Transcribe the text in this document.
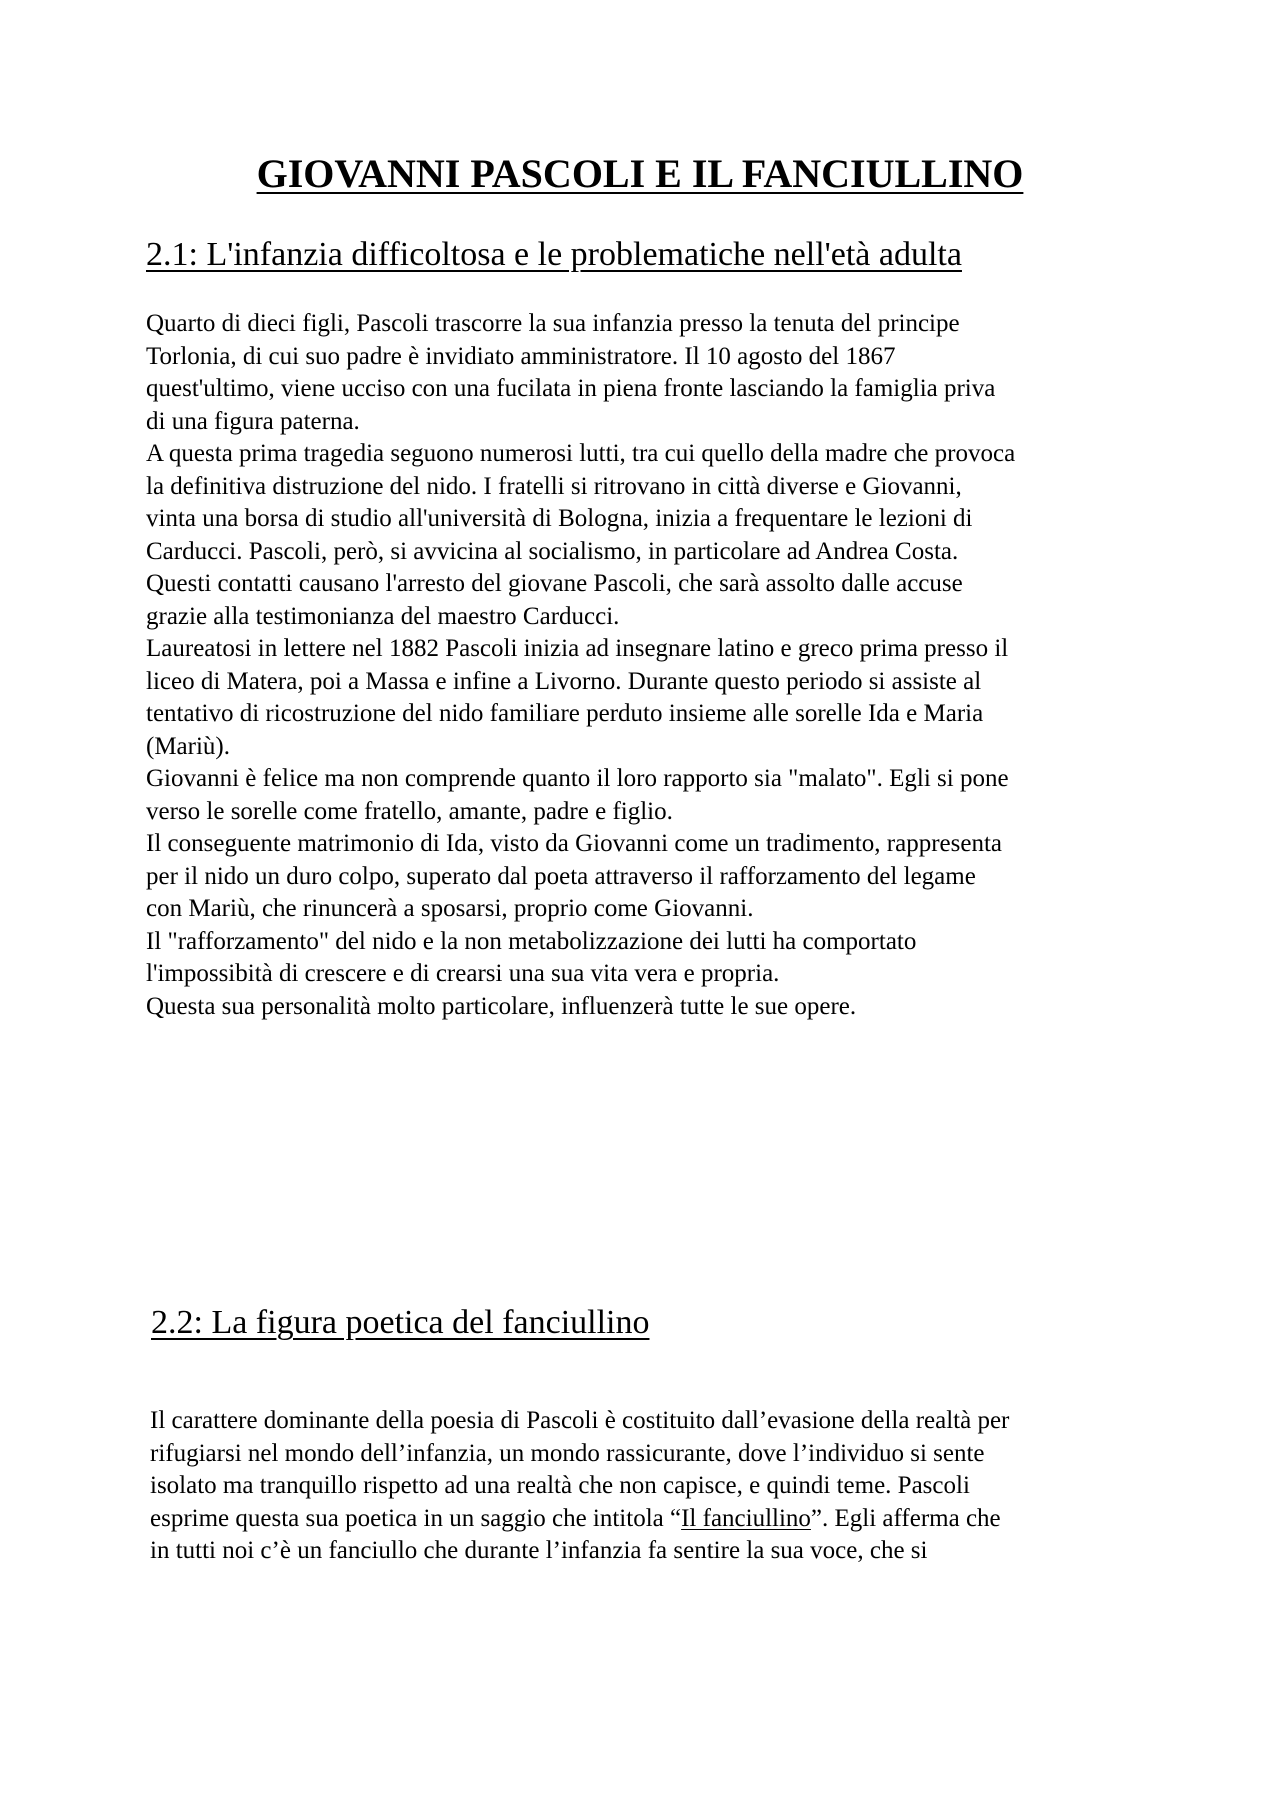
GIOVANNI PASCOLI E IL FANCIULLINO
2.1: L'infanzia difficoltosa e le problematiche nell'età adulta
Quarto di dieci figli, Pascoli trascorre la sua infanzia presso la tenuta del principe
Torlonia, di cui suo padre è invidiato amministratore. Il 10 agosto del 1867
quest'ultimo, viene ucciso con una fucilata in piena fronte lasciando la famiglia priva
di una figura paterna.
A questa prima tragedia seguono numerosi lutti, tra cui quello della madre che provoca
la definitiva distruzione del nido. I fratelli si ritrovano in città diverse e Giovanni,
vinta una borsa di studio all'università di Bologna, inizia a frequentare le lezioni di
Carducci. Pascoli, però, si avvicina al socialismo, in particolare ad Andrea Costa.
Questi contatti causano l'arresto del giovane Pascoli, che sarà assolto dalle accuse
grazie alla testimonianza del maestro Carducci.
Laureatosi in lettere nel 1882 Pascoli inizia ad insegnare latino e greco prima presso il
liceo di Matera, poi a Massa e infine a Livorno. Durante questo periodo si assiste al
tentativo di ricostruzione del nido familiare perduto insieme alle sorelle Ida e Maria
(Mariù).
Giovanni è felice ma non comprende quanto il loro rapporto sia "malato". Egli si pone
verso le sorelle come fratello, amante, padre e figlio.
Il conseguente matrimonio di Ida, visto da Giovanni come un tradimento, rappresenta
per il nido un duro colpo, superato dal poeta attraverso il rafforzamento del legame
con Mariù, che rinuncerà a sposarsi, proprio come Giovanni.
Il "rafforzamento" del nido e la non metabolizzazione dei lutti ha comportato
l'impossibità di crescere e di crearsi una sua vita vera e propria.
Questa sua personalità molto particolare, influenzerà tutte le sue opere.
2.2: La figura poetica del fanciullino
Il carattere dominante della poesia di Pascoli è costituito dall’evasione della realtà per
rifugiarsi nel mondo dell’infanzia, un mondo rassicurante, dove l’individuo si sente
isolato ma tranquillo rispetto ad una realtà che non capisce, e quindi teme. Pascoli
esprime questa sua poetica in un saggio che intitola “Il fanciullino”. Egli afferma che
in tutti noi c’è un fanciullo che durante l’infanzia fa sentire la sua voce, che si
